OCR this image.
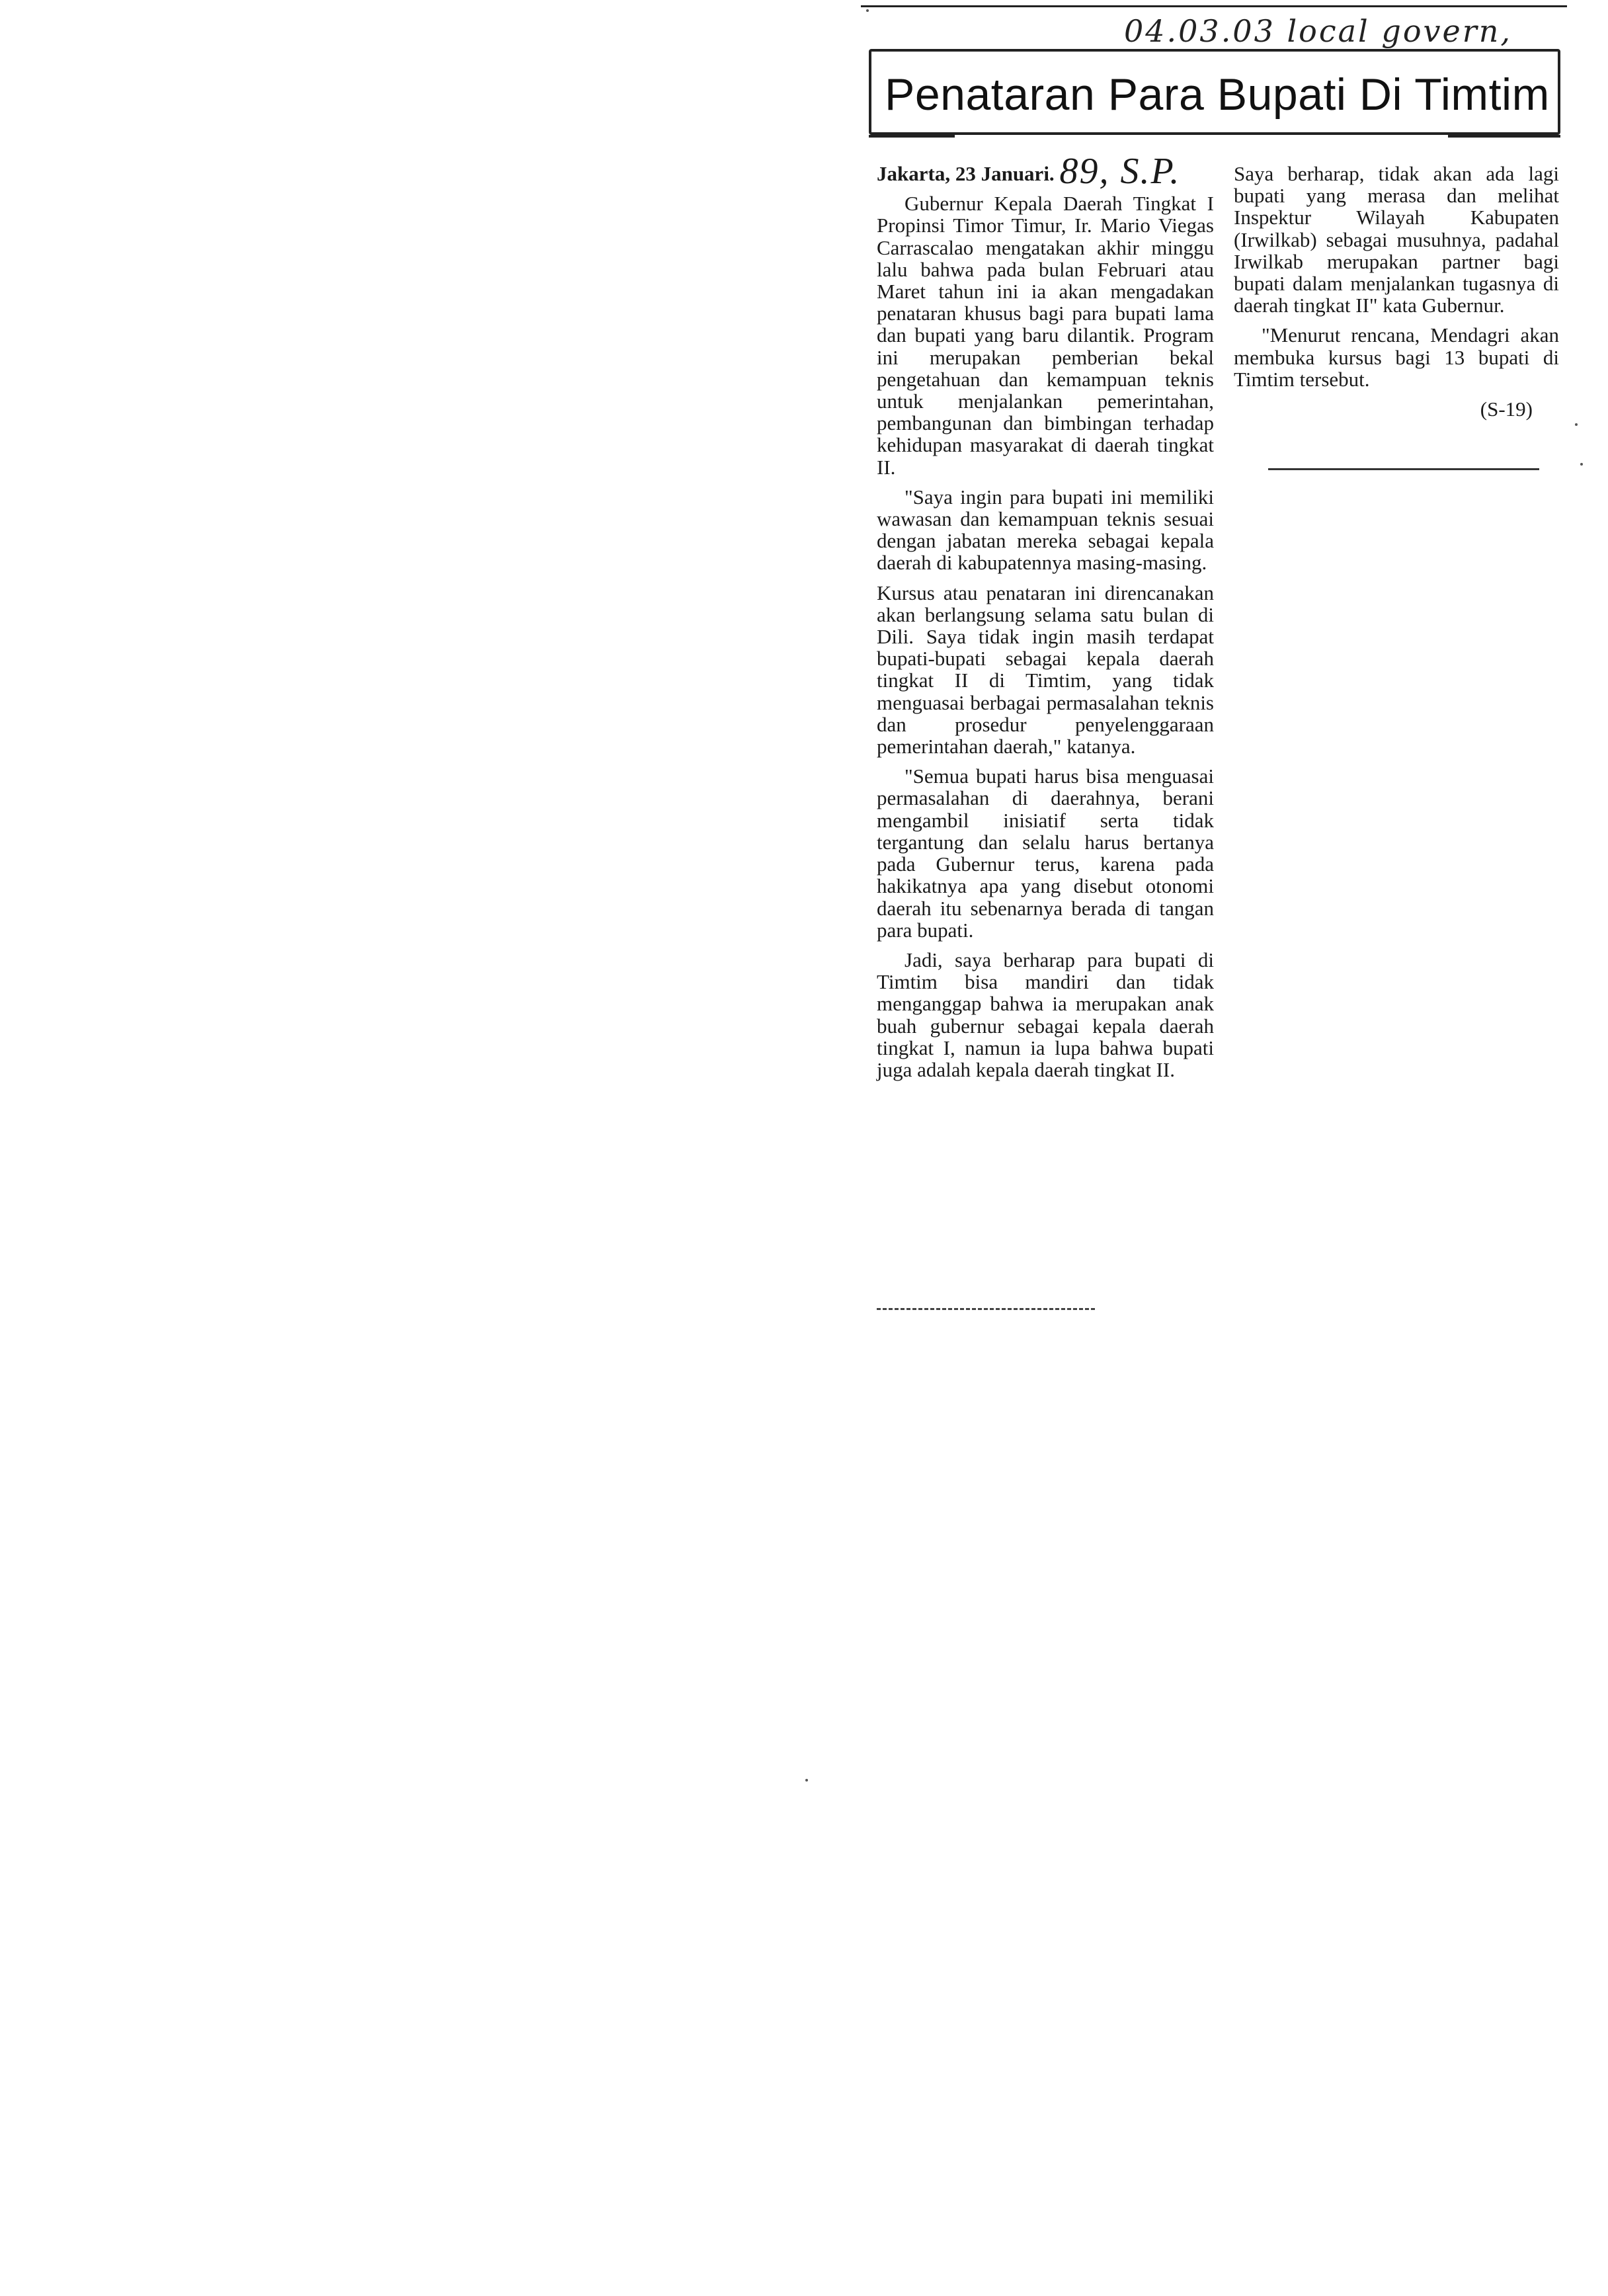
04.03.03 local govern,
Penataran Para Bupati Di Timtim

Jakarta, 23 Januari. 89, S.P.

Gubernur Kepala Daerah Tingkat I Propinsi Timor Timur, Ir. Mario Viegas Carrascalao mengatakan akhir minggu lalu bahwa pada bulan Februari atau Maret tahun ini ia akan mengadakan penataran khusus bagi para bupati lama dan bupati yang baru dilantik. Program ini merupakan pemberian bekal pengetahuan dan kemampuan teknis untuk menjalankan pemerintahan, pembangunan dan bimbingan terhadap kehidupan masyarakat di daerah tingkat II.

"Saya ingin para bupati ini memiliki wawasan dan kemampuan teknis sesuai dengan jabatan mereka sebagai kepala daerah di kabupatennya masing-masing.

Kursus atau penataran ini direncanakan akan berlangsung selama satu bulan di Dili. Saya tidak ingin masih terdapat bupati-bupati sebagai kepala daerah tingkat II di Timtim, yang tidak menguasai berbagai permasalahan teknis dan prosedur penyelenggaraan pemerintahan daerah," katanya.

"Semua bupati harus bisa menguasai permasalahan di daerahnya, berani mengambil inisiatif serta tidak tergantung dan selalu harus bertanya pada Gubernur terus, karena pada hakikatnya apa yang disebut otonomi daerah itu sebenarnya berada di tangan para bupati.

Jadi, saya berharap para bupati di Timtim bisa mandiri dan tidak menganggap bahwa ia merupakan anak buah gubernur sebagai kepala daerah tingkat I, namun ia lupa bahwa bupati juga adalah kepala daerah tingkat II.

Saya berharap, tidak akan ada lagi bupati yang merasa dan melihat Inspektur Wilayah Kabupaten (Irwilkab) sebagai musuhnya, padahal Irwilkab merupakan partner bagi bupati dalam menjalankan tugasnya di daerah tingkat II" kata Gubernur.

"Menurut rencana, Mendagri akan membuka kursus bagi 13 bupati di Timtim tersebut.

(S-19)
